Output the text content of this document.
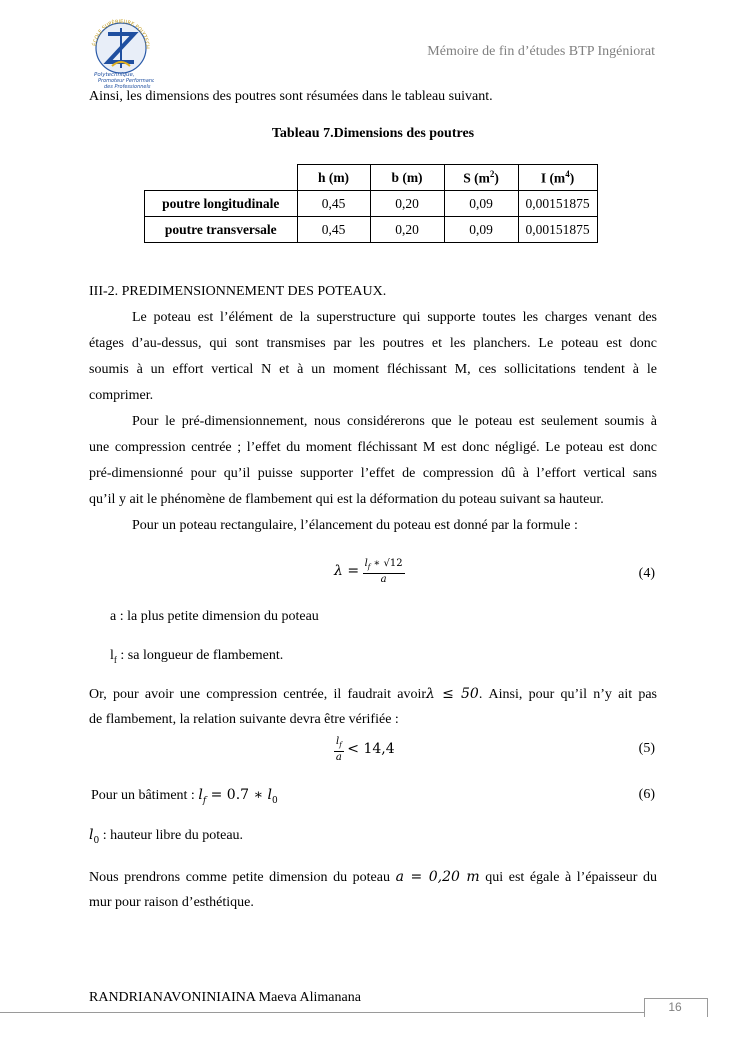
ÉCOLE SUPÉRIEURE POLYTECH
Polytechnique,
Promoteur Performance
des Professionnels
Mémoire de fin d’études BTP Ingéniorat
Ainsi, les dimensions des poutres sont résumées dans le tableau suivant.
Tableau 7.Dimensions des poutres
	h (m)	b (m)	S $(m^2)$	I $(m^4)$
poutre longitudinale	0,45	0,20	0,09	0,00151875
poutre transversale	0,45	0,20	0,09	0,00151875
III-2. PREDIMENSIONNEMENT DES POTEAUX.
Le poteau est l’élément de la superstructure qui supporte toutes les charges venant des
étages d’au-dessus, qui sont transmises par les poutres et les planchers. Le poteau est donc
soumis à un effort vertical N et à un moment fléchissant M, ces sollicitations tendent à le
comprimer.
Pour le pré-dimensionnement, nous considérerons que le poteau est seulement soumis à
une compression centrée ; l’effet du moment fléchissant M est donc négligé. Le poteau est donc
pré-dimensionné pour qu’il puisse supporter l’effet de compression dû à l’effort vertical sans
qu’il y ait le phénomène de flambement qui est la déformation du poteau suivant sa hauteur.
Pour un poteau rectangulaire, l’élancement du poteau est donné par la formule :
$\lambda = \frac{l_f ∗ √12}{a}$	(4)
a : la plus petite dimension du poteau
$l_f$ : sa longueur de flambement.
Or, pour avoir une compression centrée, il faudrait avoirλ ≤ 50. Ainsi, pour qu’il n’y ait pas
de flambement, la relation suivante devra être vérifiée :
$\frac{l_f}{a} < 14,4$	(5)
Pour un bâtiment : $l_f = 0.7$ ∗ $l_0$	(6)
$l_0$ : hauteur libre du poteau.
Nous prendrons comme petite dimension du poteau a = 0,20 m qui est égale à l’épaisseur du
mur pour raison d’esthétique.
RANDRIANAVONINIAINA Maeva Alimanana
16
